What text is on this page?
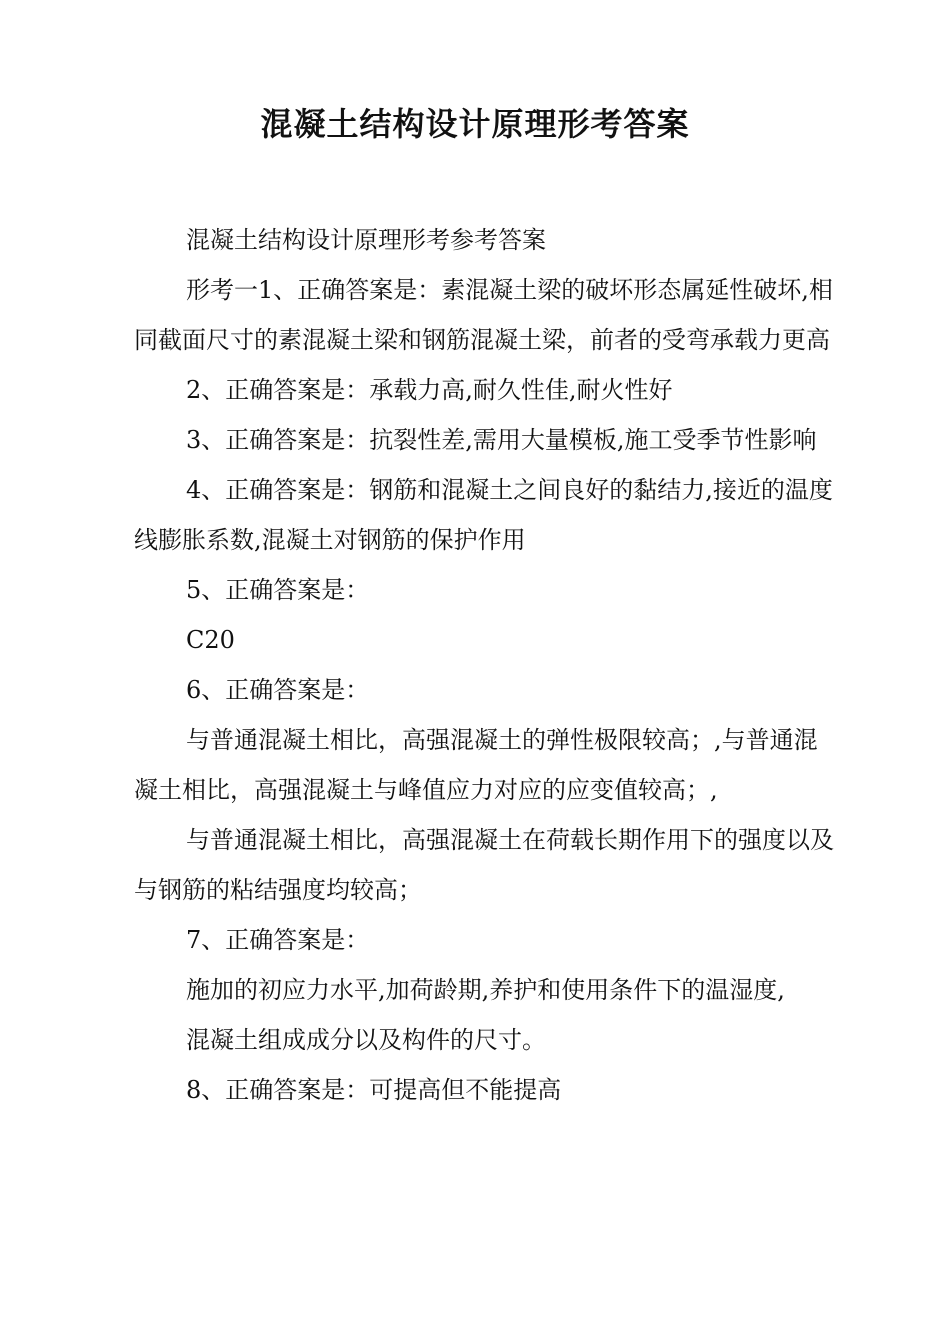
混凝土结构设计原理形考答案

混凝土结构设计原理形考参考答案

形考一1、正确答案是：素混凝土梁的破坏形态属延性破坏,相同截面尺寸的素混凝土梁和钢筋混凝土梁，前者的受弯承载力更高

2、正确答案是：承载力高,耐久性佳,耐火性好

3、正确答案是：抗裂性差,需用大量模板,施工受季节性影响

4、正确答案是：钢筋和混凝土之间良好的黏结力,接近的温度线膨胀系数,混凝土对钢筋的保护作用

5、正确答案是：

C20

6、正确答案是：

与普通混凝土相比，高强混凝土的弹性极限较高；,与普通混凝土相比，高强混凝土与峰值应力对应的应变值较高；,

与普通混凝土相比，高强混凝土在荷载长期作用下的强度以及与钢筋的粘结强度均较高；

7、正确答案是：

施加的初应力水平,加荷龄期,养护和使用条件下的温湿度,

混凝土组成成分以及构件的尺寸。

8、正确答案是：可提高但不能提高
